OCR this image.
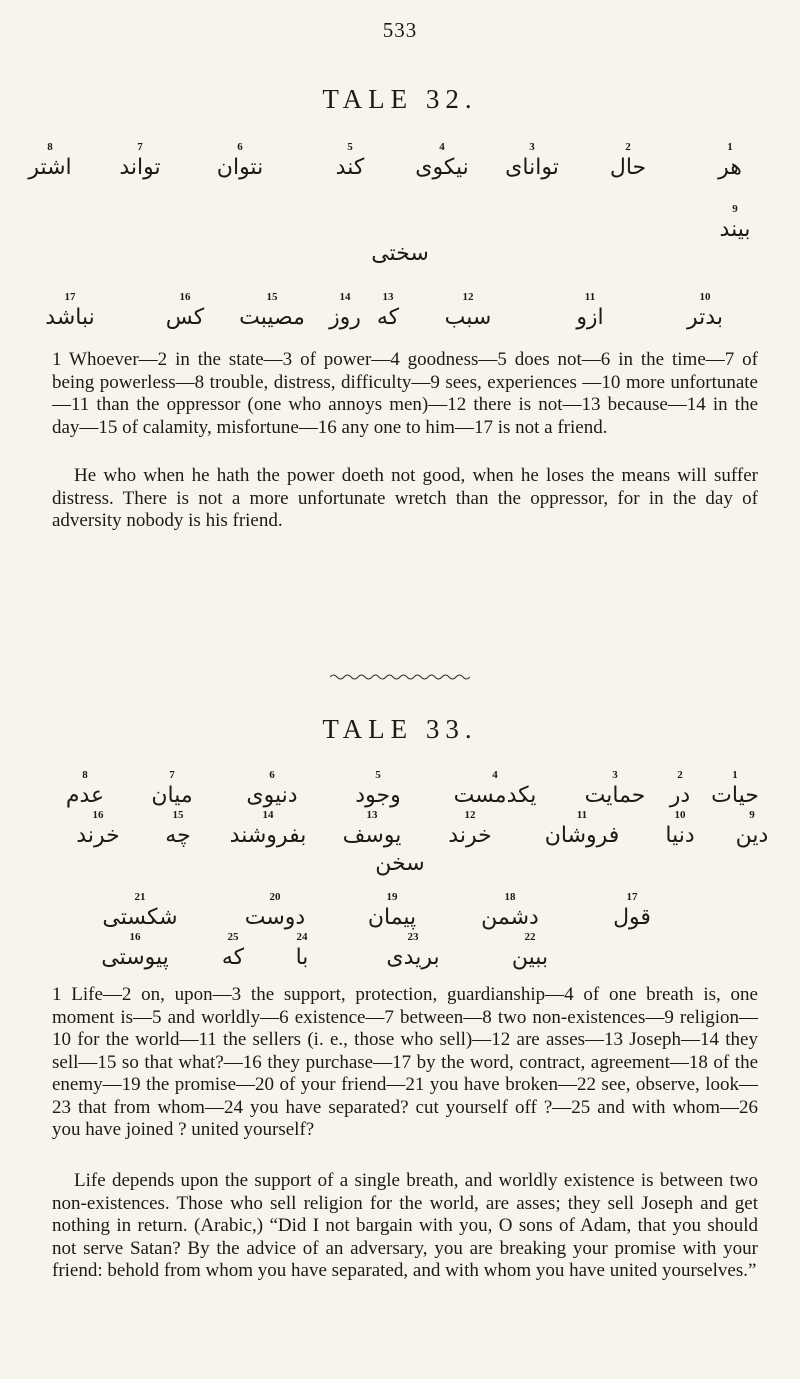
533
TALE 32.
8
اشتر
7
تواند
6
نتوان
5
کند
4
نیکوی
3
توانای
2
حال
1
هر
9
بیند
سختی
17
نباشد
16
کس
15
مصیبت
14
روز
13
که
12
سبب
11
ازو
10
بدتر
1 Whoever—2 in the state—3 of power—4 goodness—5 does not—6 in the time—7 of being powerless—8 trouble, distress, difficulty—9 sees, experiences —10 more unfortunate—11 than the oppressor (one who annoys men)—12 there is not—13 because—14 in the day—15 of calamity, misfortune—16 any one to him—17 is not a friend.

He who when he hath the power doeth not good, when he loses the means will suffer distress. There is not a more unfortunate wretch than the oppressor, for in the day of adversity nobody is his friend.

TALE 33.
8
عدم
7
میان
6
دنیوی
5
وجود
4
یکدمست
3
حمایت
2
در
1
حیات
16
خرند
15
چه
14
بفروشند
13
یوسف
12
خرند
11
فروشان
10
دنیا
9
دین
سخن
21
شکستی
20
دوست
19
پیمان
18
دشمن
17
قول
16
پیوستی
25
که
24
با
23
بریدی
22
ببین
1 Life—2 on, upon—3 the support, protection, guardianship—4 of one breath is, one moment is—5 and worldly—6 existence—7 between—8 two non-existences—9 religion—10 for the world—11 the sellers (i. e., those who sell)—12 are asses—13 Joseph—14 they sell—15 so that what?—16 they purchase—17 by the word, contract, agreement—18 of the enemy—19 the promise—20 of your friend—21 you have broken—22 see, observe, look—23 that from whom—24 you have separated? cut yourself off ?—25 and with whom—26 you have joined ? united yourself?

Life depends upon the support of a single breath, and worldly existence is between two non-existences. Those who sell religion for the world, are asses; they sell Joseph and get nothing in return. (Arabic,) “Did I not bargain with you, O sons of Adam, that you should not serve Satan? By the advice of an adversary, you are breaking your promise with your friend: behold from whom you have separated, and with whom you have united yourselves.”
